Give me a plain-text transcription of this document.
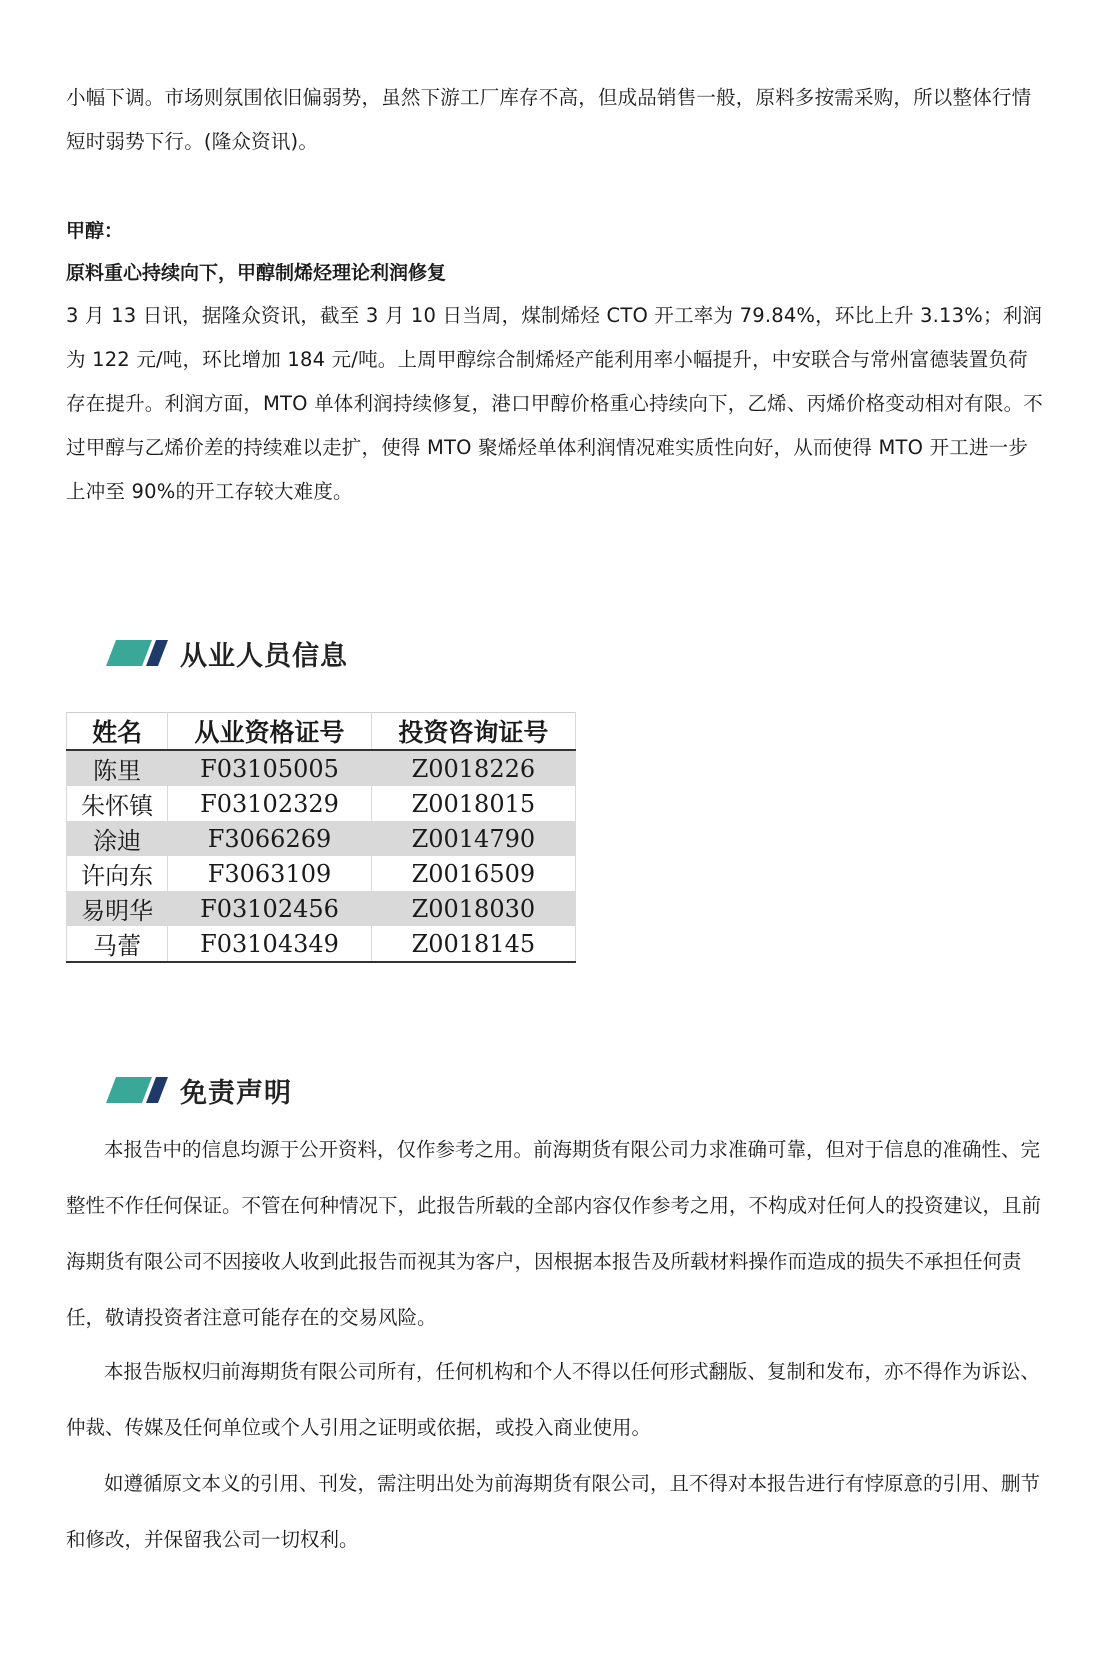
小幅下调。市场则氛围依旧偏弱势，虽然下游工厂库存不高，但成品销售一般，原料多按需采购，所以整体行情短时弱势下行。(隆众资讯)。

甲醇：

原料重心持续向下，甲醇制烯烃理论利润修复

3 月 13 日讯，据隆众资讯，截至 3 月 10 日当周，煤制烯烃 CTO 开工率为 79.84%，环比上升 3.13%；利润为 122 元/吨，环比增加 184 元/吨。上周甲醇综合制烯烃产能利用率小幅提升，中安联合与常州富德装置负荷存在提升。利润方面，MTO 单体利润持续修复，港口甲醇价格重心持续向下，乙烯、丙烯价格变动相对有限。不过甲醇与乙烯价差的持续难以走扩，使得 MTO 聚烯烃单体利润情况难实质性向好，从而使得 MTO 开工进一步上冲至 90%的开工存较大难度。

从业人员信息
姓名	从业资格证号	投资咨询证号
陈里	F03105005	Z0018226
朱怀镇	F03102329	Z0018015
涂迪	F3066269	Z0014790
许向东	F3063109	Z0016509
易明华	F03102456	Z0018030
马蕾	F03104349	Z0018145
免责声明

本报告中的信息均源于公开资料，仅作参考之用。前海期货有限公司力求准确可靠，但对于信息的准确性、完整性不作任何保证。不管在何种情况下，此报告所载的全部内容仅作参考之用，不构成对任何人的投资建议，且前海期货有限公司不因接收人收到此报告而视其为客户，因根据本报告及所载材料操作而造成的损失不承担任何责任，敬请投资者注意可能存在的交易风险。

本报告版权归前海期货有限公司所有，任何机构和个人不得以任何形式翻版、复制和发布，亦不得作为诉讼、仲裁、传媒及任何单位或个人引用之证明或依据，或投入商业使用。

如遵循原文本义的引用、刊发，需注明出处为前海期货有限公司，且不得对本报告进行有悖原意的引用、删节和修改，并保留我公司一切权利。
